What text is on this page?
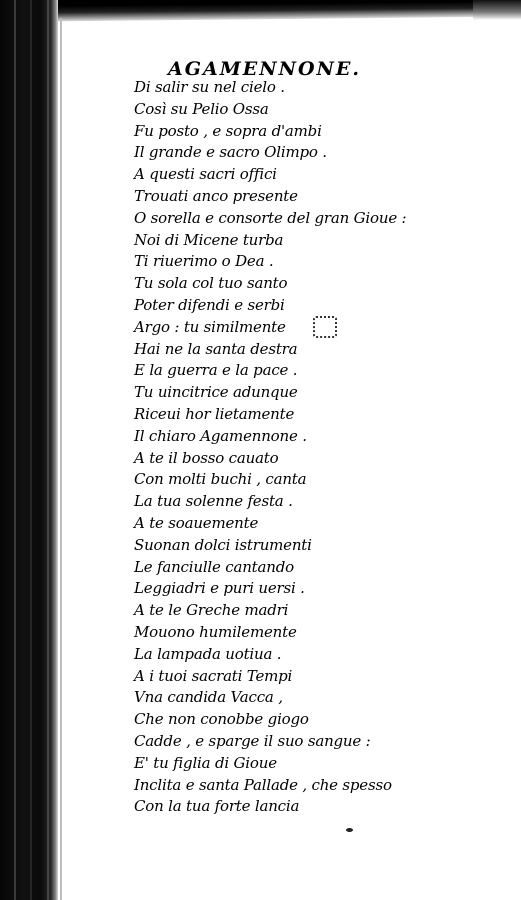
AGAMENNONE.
Di salir su nel cielo .
Così su Pelio Ossa
Fu posto , e sopra d'ambi
Il grande e sacro Olimpo .
A questi sacri offici
Trouati anco presente
O sorella e consorte del gran Gioue :
Noi di Micene turba
Ti riuerimo o Dea .
Tu sola col tuo santo
Poter difendi e serbi
Argo : tu similmente
Hai ne la santa destra
E la guerra e la pace .
Tu uincitrice adunque
Riceui hor lietamente
Il chiaro Agamennone .
A te il bosso cauato
Con molti buchi , canta
La tua solenne festa .
A te soauemente
Suonan dolci istrumenti
Le fanciulle cantando
Leggiadri e puri uersi .
A te le Greche madri
Mouono humilemente
La lampada uotiua .
A i tuoi sacrati Tempi
Vna candida Vacca ,
Che non conobbe giogo
Cadde , e sparge il suo sangue :
E' tu figlia di Gioue
Inclita e santa Pallade , che spesso
Con la tua forte lancia
